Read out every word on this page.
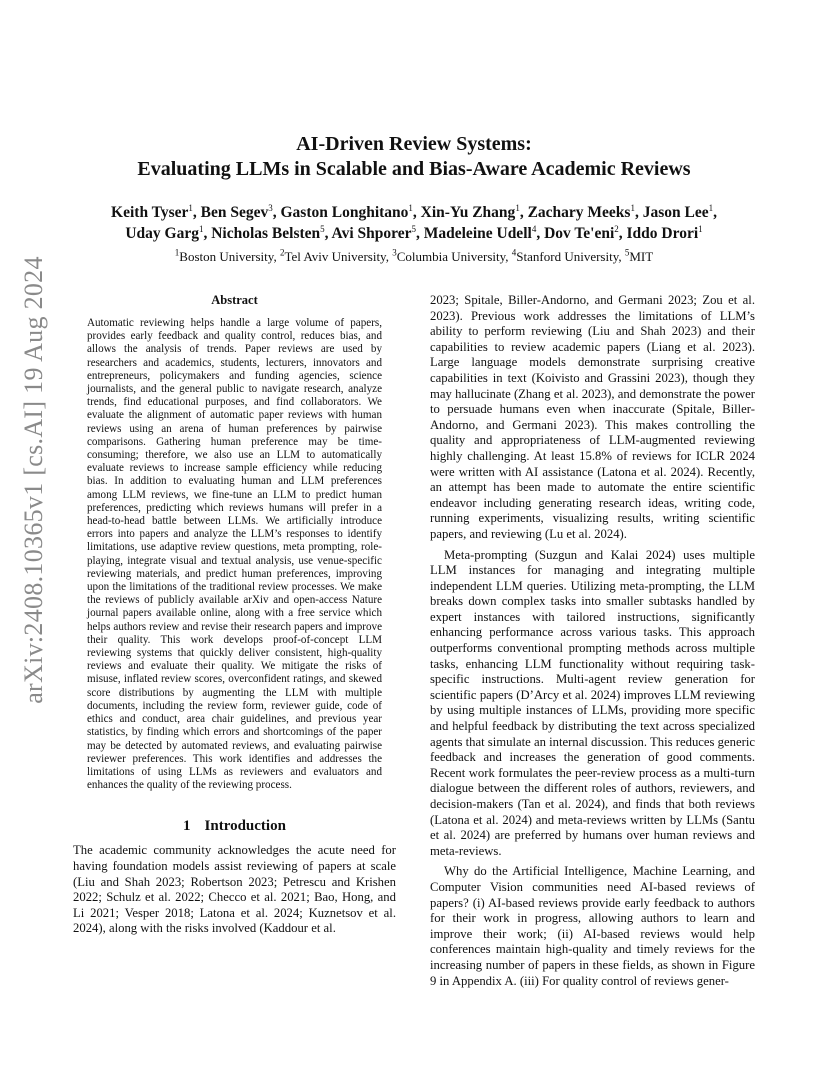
arXiv:2408.10365v1 [cs.AI] 19 Aug 2024
AI-Driven Review Systems:
Evaluating LLMs in Scalable and Bias-Aware Academic Reviews
Keith Tyser$^1$, Ben Segev$^3$, Gaston Longhitano$^1$, Xin-Yu Zhang$^1$, Zachary Meeks$^1$, Jason Lee$^1$,
Uday Garg$^1$, Nicholas Belsten$^5$, Avi Shporer$^5$, Madeleine Udell$^4$, Dov Te'eni$^2$, Iddo Drori$^1$
$^1$Boston University, $^2$Tel Aviv University, $^3$Columbia University, $^4$Stanford University, $^5$MIT
Abstract

Automatic reviewing helps handle a large volume of papers, provides early feedback and quality control, reduces bias, and allows the analysis of trends. Paper reviews are used by researchers and academics, students, lecturers, innovators and entrepreneurs, policymakers and funding agencies, science journalists, and the general public to navigate research, analyze trends, find educational purposes, and find collaborators. We evaluate the alignment of automatic paper reviews with human reviews using an arena of human preferences by pairwise comparisons. Gathering human preference may be time-consuming; therefore, we also use an LLM to automatically evaluate reviews to increase sample efficiency while reducing bias. In addition to evaluating human and LLM preferences among LLM reviews, we fine-tune an LLM to predict human preferences, predicting which reviews humans will prefer in a head-to-head battle between LLMs. We artificially introduce errors into papers and analyze the LLM’s responses to identify limitations, use adaptive review questions, meta prompting, role-playing, integrate visual and textual analysis, use venue-specific reviewing materials, and predict human preferences, improving upon the limitations of the traditional review processes. We make the reviews of publicly available arXiv and open-access Nature journal papers available online, along with a free service which helps authors review and revise their research papers and improve their quality. This work develops proof-of-concept LLM reviewing systems that quickly deliver consistent, high-quality reviews and evaluate their quality. We mitigate the risks of misuse, inflated review scores, overconfident ratings, and skewed score distributions by augmenting the LLM with multiple documents, including the review form, reviewer guide, code of ethics and conduct, area chair guidelines, and previous year statistics, by finding which errors and shortcomings of the paper may be detected by automated reviews, and evaluating pairwise reviewer preferences. This work identifies and addresses the limitations of using LLMs as reviewers and evaluators and enhances the quality of the reviewing process.

1 Introduction

The academic community acknowledges the acute need for having foundation models assist reviewing of papers at scale (Liu and Shah 2023; Robertson 2023; Petrescu and Krishen 2022; Schulz et al. 2022; Checco et al. 2021; Bao, Hong, and Li 2021; Vesper 2018; Latona et al. 2024; Kuznetsov et al. 2024), along with the risks involved (Kaddour et al.

2023; Spitale, Biller-Andorno, and Germani 2023; Zou et al. 2023). Previous work addresses the limitations of LLM’s ability to perform reviewing (Liu and Shah 2023) and their capabilities to review academic papers (Liang et al. 2023). Large language models demonstrate surprising creative capabilities in text (Koivisto and Grassini 2023), though they may hallucinate (Zhang et al. 2023), and demonstrate the power to persuade humans even when inaccurate (Spitale, Biller-Andorno, and Germani 2023). This makes controlling the quality and appropriateness of LLM-augmented reviewing highly challenging. At least 15.8% of reviews for ICLR 2024 were written with AI assistance (Latona et al. 2024). Recently, an attempt has been made to automate the entire scientific endeavor including generating research ideas, writing code, running experiments, visualizing results, writing scientific papers, and reviewing (Lu et al. 2024).

Meta-prompting (Suzgun and Kalai 2024) uses multiple LLM instances for managing and integrating multiple independent LLM queries. Utilizing meta-prompting, the LLM breaks down complex tasks into smaller subtasks handled by expert instances with tailored instructions, significantly enhancing performance across various tasks. This approach outperforms conventional prompting methods across multiple tasks, enhancing LLM functionality without requiring task-specific instructions. Multi-agent review generation for scientific papers (D’Arcy et al. 2024) improves LLM reviewing by using multiple instances of LLMs, providing more specific and helpful feedback by distributing the text across specialized agents that simulate an internal discussion. This reduces generic feedback and increases the generation of good comments. Recent work formulates the peer-review process as a multi-turn dialogue between the different roles of authors, reviewers, and decision-makers (Tan et al. 2024), and finds that both reviews (Latona et al. 2024) and meta-reviews written by LLMs (Santu et al. 2024) are preferred by humans over human reviews and meta-reviews.

Why do the Artificial Intelligence, Machine Learning, and Computer Vision communities need AI-based reviews of papers? (i) AI-based reviews provide early feedback to authors for their work in progress, allowing authors to learn and improve their work; (ii) AI-based reviews would help conferences maintain high-quality and timely reviews for the increasing number of papers in these fields, as shown in Figure 9 in Appendix A. (iii) For quality control of reviews gener-
